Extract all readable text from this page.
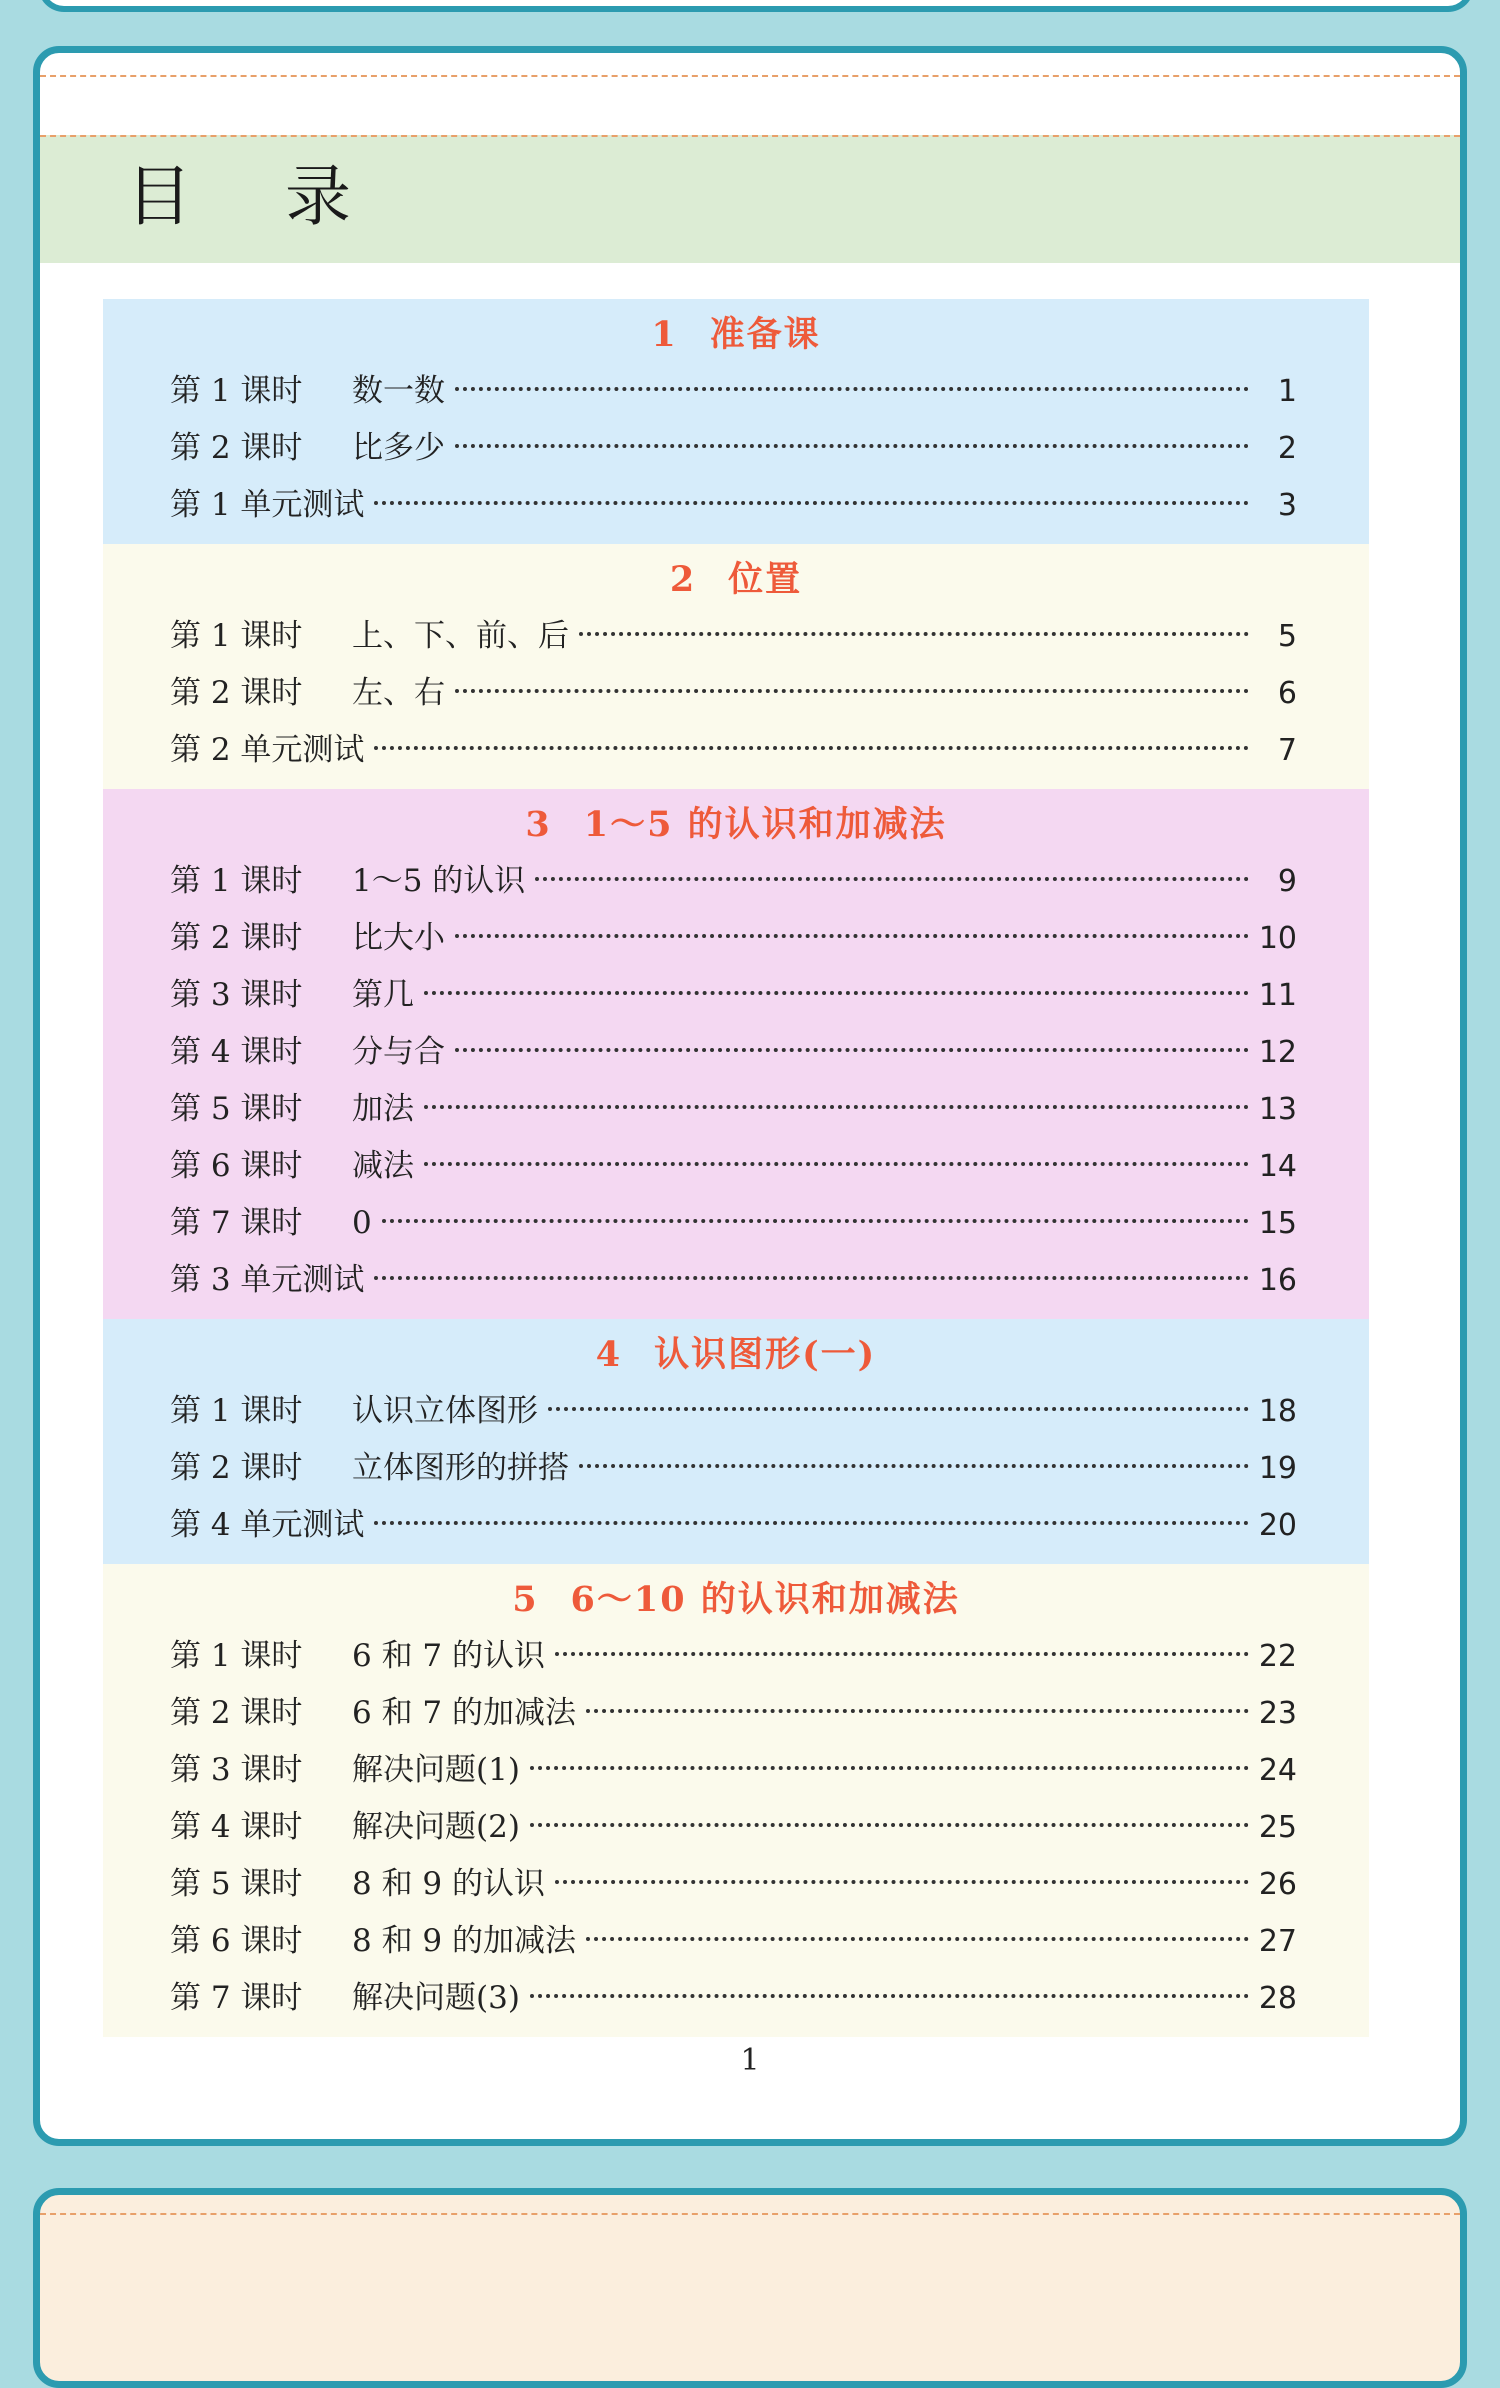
目 录
1 准备课
第 1 课时	数一数	1
第 2 课时	比多少	2
第 1 单元测试	3
2 位置
第 1 课时	上、下、前、后	5
第 2 课时	左、右	6
第 2 单元测试	7
3 1～5 的认识和加减法
第 1 课时	1～5 的认识	9
第 2 课时	比大小	10
第 3 课时	第几	11
第 4 课时	分与合	12
第 5 课时	加法	13
第 6 课时	减法	14
第 7 课时	0	15
第 3 单元测试	16
4 认识图形(一)
第 1 课时	认识立体图形	18
第 2 课时	立体图形的拼搭	19
第 4 单元测试	20
5 6～10 的认识和加减法
第 1 课时	6 和 7 的认识	22
第 2 课时	6 和 7 的加减法	23
第 3 课时	解决问题(1)	24
第 4 课时	解决问题(2)	25
第 5 课时	8 和 9 的认识	26
第 6 课时	8 和 9 的加减法	27
第 7 课时	解决问题(3)	28
1
